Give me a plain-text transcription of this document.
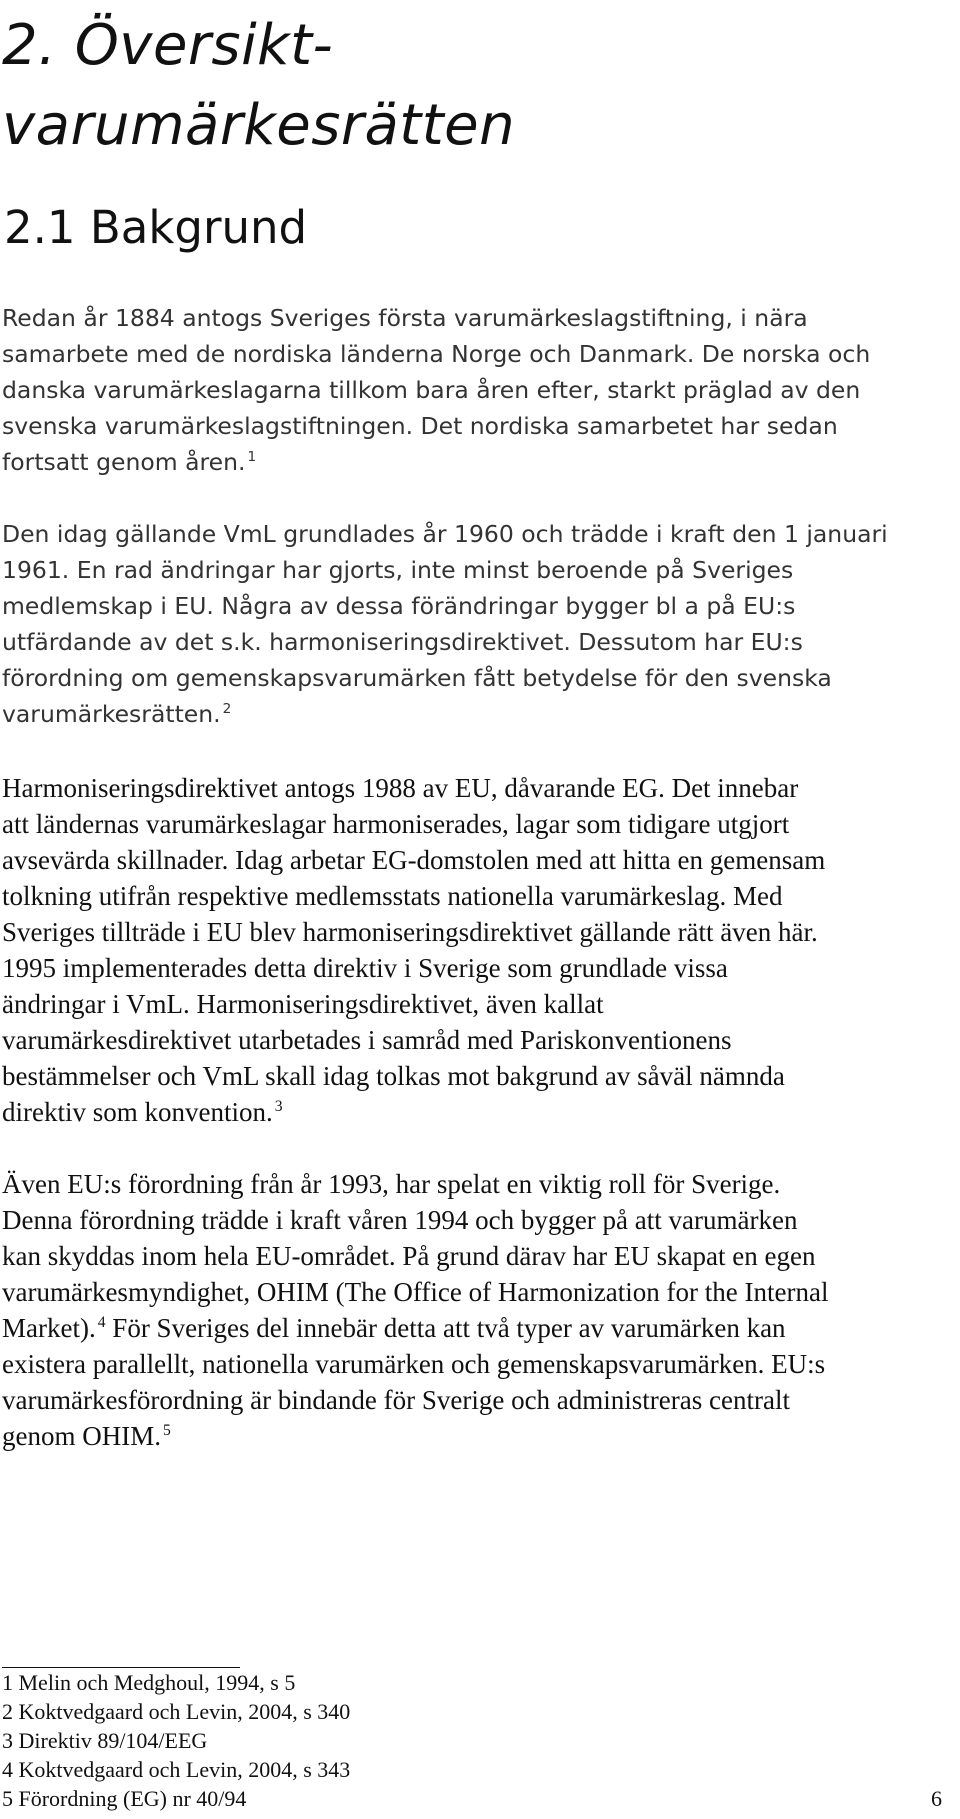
2. Översikt-
varumärkesrätten
2.1 Bakgrund

Redan år 1884 antogs Sveriges första varumärkeslagstiftning, i nära
samarbete med de nordiska länderna Norge och Danmark. De norska och
danska varumärkeslagarna tillkom bara åren efter, starkt präglad av den
svenska varumärkeslagstiftningen. Det nordiska samarbetet har sedan
fortsatt genom åren. $^1$

Den idag gällande VmL grundlades år 1960 och trädde i kraft den 1 januari
1961. En rad ändringar har gjorts, inte minst beroende på Sveriges
medlemskap i EU. Några av dessa förändringar bygger bl a på EU:s
utfärdande av det s.k. harmoniseringsdirektivet. Dessutom har EU:s
förordning om gemenskapsvarumärken fått betydelse för den svenska
varumärkesrätten. $^2$

Harmoniseringsdirektivet antogs 1988 av EU, dåvarande EG. Det innebar
att ländernas varumärkeslagar harmoniserades, lagar som tidigare utgjort
avsevärda skillnader. Idag arbetar EG-domstolen med att hitta en gemensam
tolkning utifrån respektive medlemsstats nationella varumärkeslag. Med
Sveriges tillträde i EU blev harmoniseringsdirektivet gällande rätt även här.
1995 implementerades detta direktiv i Sverige som grundlade vissa
ändringar i VmL. Harmoniseringsdirektivet, även kallat
varumärkesdirektivet utarbetades i samråd med Pariskonventionens
bestämmelser och VmL skall idag tolkas mot bakgrund av såväl nämnda
direktiv som konvention. $^3$

Även EU:s förordning från år 1993, har spelat en viktig roll för Sverige.
Denna förordning trädde i kraft våren 1994 och bygger på att varumärken
kan skyddas inom hela EU-området. På grund därav har EU skapat en egen
varumärkesmyndighet, OHIM (The Office of Harmonization for the Internal
Market). $^4$ För Sveriges del innebär detta att två typer av varumärken kan
existera parallellt, nationella varumärken och gemenskapsvarumärken. EU:s
varumärkesförordning är bindande för Sverige och administreras centralt
genom OHIM. $^5$

1 Melin och Medghoul, 1994, s 5
2 Koktvedgaard och Levin, 2004, s 340
3 Direktiv 89/104/EEG
4 Koktvedgaard och Levin, 2004, s 343
5 Förordning (EG) nr 40/94	6
